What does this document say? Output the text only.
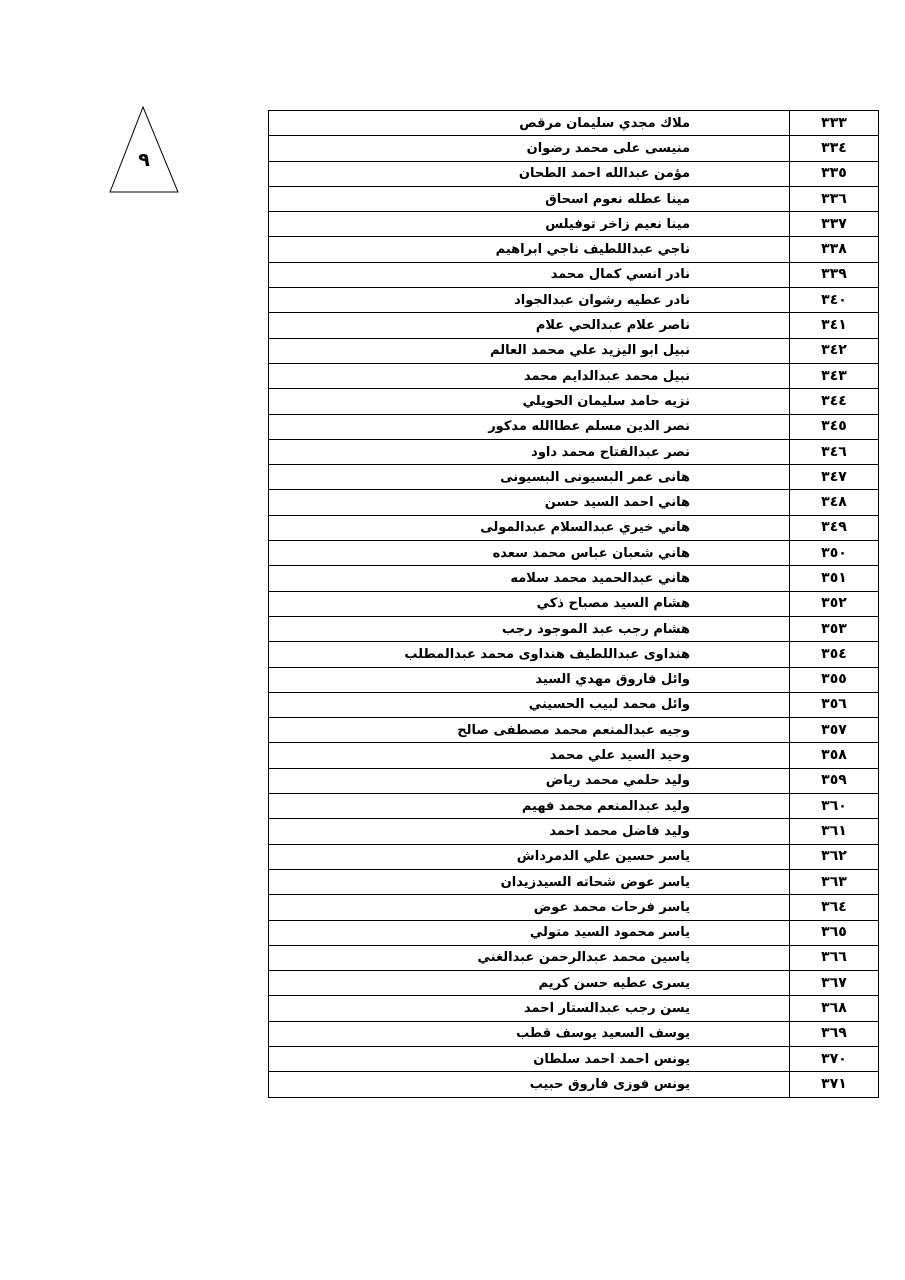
٩
ملاك مجدي سليمان مرقص	٣٣٣
منيسى على محمد رضوان	٣٣٤
مؤمن عبدالله احمد الطحان	٣٣٥
مينا عطله نعوم اسحاق	٣٣٦
مينا نعيم زاخر توفيلس	٣٣٧
ناجي عبداللطيف ناجي ابراهيم	٣٣٨
نادر انسي كمال محمد	٣٣٩
نادر عطيه رشوان عبدالجواد	٣٤٠
ناصر علام عبدالحي علام	٣٤١
نبيل ابو اليزيد علي محمد العالم	٣٤٢
نبيل محمد عبدالدايم محمد	٣٤٣
نزيه حامد سليمان الحويلي	٣٤٤
نصر الدين مسلم عطاالله مدكور	٣٤٥
نصر عبدالفتاح محمد داود	٣٤٦
هانى عمر البسيونى البسيونى	٣٤٧
هاني احمد السيد حسن	٣٤٨
هاني خيري عبدالسلام عبدالمولى	٣٤٩
هاني شعبان عباس محمد سعده	٣٥٠
هاني عبدالحميد محمد سلامه	٣٥١
هشام السيد مصباح ذكي	٣٥٢
هشام رجب عبد الموجود رجب	٣٥٣
هنداوى عبداللطيف هنداوى محمد عبدالمطلب	٣٥٤
وائل فاروق مهدي السيد	٣٥٥
وائل محمد لبيب الحسيني	٣٥٦
وجيه عبدالمنعم محمد مصطفى صالح	٣٥٧
وحيد السيد علي محمد	٣٥٨
وليد حلمي محمد رياض	٣٥٩
وليد عبدالمنعم محمد فهيم	٣٦٠
وليد فاضل محمد احمد	٣٦١
ياسر حسين علي الدمرداش	٣٦٢
ياسر عوض شحاته السيدزيدان	٣٦٣
ياسر فرحات محمد عوض	٣٦٤
ياسر محمود السيد متولي	٣٦٥
ياسين محمد عبدالرحمن عبدالغني	٣٦٦
يسرى عطيه حسن كريم	٣٦٧
يسن رجب عبدالستار احمد	٣٦٨
يوسف السعيد يوسف قطب	٣٦٩
يونس احمد احمد سلطان	٣٧٠
يونس فوزى فاروق حبيب	٣٧١
